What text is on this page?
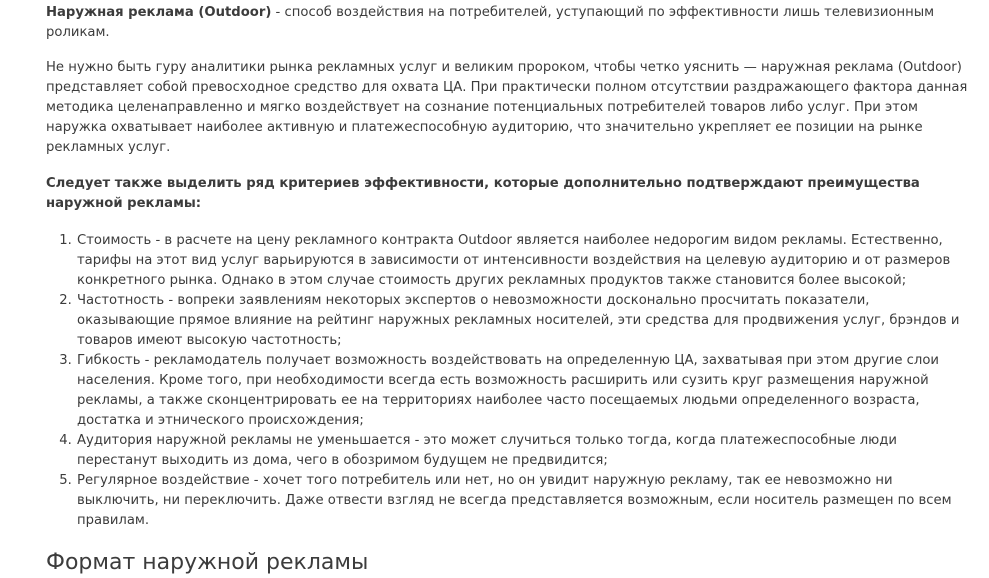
Наружная реклама (Outdoor) - способ воздействия на потребителей, уступающий по эффективности лишь телевизионным роликам.

Не нужно быть гуру аналитики рынка рекламных услуг и великим пророком, чтобы четко уяснить — наружная реклама (Outdoor) представляет собой превосходное средство для охвата ЦА. При практически полном отсутствии раздражающего фактора данная методика целенаправленно и мягко воздействует на сознание потенциальных потребителей товаров либо услуг. При этом наружка охватывает наиболее активную и платежеспособную аудиторию, что значительно укрепляет ее позиции на рынке рекламных услуг.

Следует также выделить ряд критериев эффективности, которые дополнительно подтверждают преимущества наружной рекламы:

1. Стоимость - в расчете на цену рекламного контракта Outdoor является наиболее недорогим видом рекламы. Естественно, тарифы на этот вид услуг варьируются в зависимости от интенсивности воздействия на целевую аудиторию и от размеров конкретного рынка. Однако в этом случае стоимость других рекламных продуктов также становится более высокой;
2. Частотность - вопреки заявлениям некоторых экспертов о невозможности досконально просчитать показатели, оказывающие прямое влияние на рейтинг наружных рекламных носителей, эти средства для продвижения услуг, брэндов и товаров имеют высокую частотность;
3. Гибкость - рекламодатель получает возможность воздействовать на определенную ЦА, захватывая при этом другие слои населения. Кроме того, при необходимости всегда есть возможность расширить или сузить круг размещения наружной рекламы, а также сконцентрировать ее на территориях наиболее часто посещаемых людьми определенного возраста, достатка и этнического происхождения;
4. Аудитория наружной рекламы не уменьшается - это может случиться только тогда, когда платежеспособные люди перестанут выходить из дома, чего в обозримом будущем не предвидится;
5. Регулярное воздействие - хочет того потребитель или нет, но он увидит наружную рекламу, так ее невозможно ни выключить, ни переключить. Даже отвести взгляд не всегда представляется возможным, если носитель размещен по всем правилам.
Формат наружной рекламы
